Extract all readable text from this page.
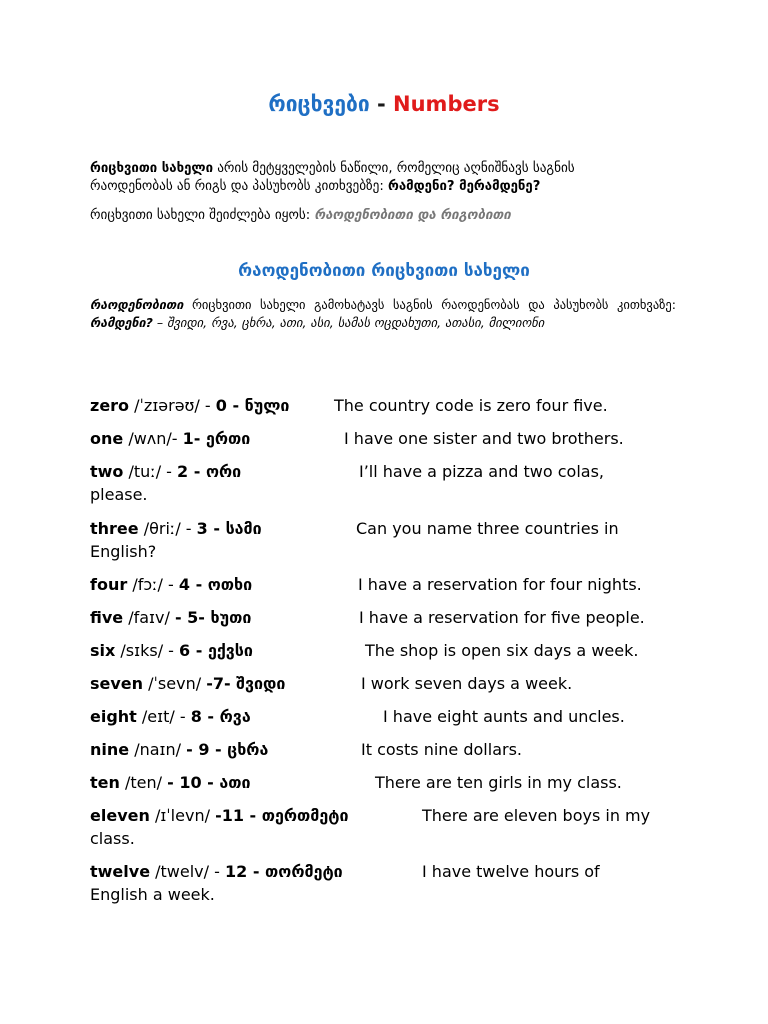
რიცხვები - Numbers
რიცხვითი სახელი არის მეტყველების ნაწილი, რომელიც აღნიშნავს საგნის რაოდენობას ან რიგს და პასუხობს კითხვებზე: რამდენი? მერამდენე?
რიცხვითი სახელი შეიძლება იყოს: რაოდენობითი და რიგობითი
რაოდენობითი რიცხვითი სახელი
რაოდენობითი რიცხვითი სახელი გამოხატავს საგნის რაოდენობას და პასუხობს კითხვაზე: რამდენი? – შვიდი, რვა, ცხრა, ათი, ასი, სამას ოცდახუთი, ათასი, მილიონი
zero /ˈzɪərəʊ/ - 0 - ნული	The country code is zero four five.
one /wʌn/- 1- ერთი	I have one sister and two brothers.
two /tuː/ - 2 - ორი	I’ll have a pizza and two colas,
please.
three /θriː/ - 3 - სამი	Can you name three countries in
English?
four /fɔː/ - 4 - ოთხი	I have a reservation for four nights.
five /faɪv/ - 5- ხუთი	I have a reservation for five people.
six /sɪks/ - 6 - ექვსი	The shop is open six days a week.
seven /ˈsevn/ -7- შვიდი	I work seven days a week.
eight /eɪt/ - 8 - რვა	I have eight aunts and uncles.
nine /naɪn/ - 9 - ცხრა	It costs nine dollars.
ten /ten/ - 10 - ათი	There are ten girls in my class.
eleven /ɪˈlevn/ -11 - თერთმეტი	There are eleven boys in my
class.
twelve /twelv/ - 12 - თორმეტი	I have twelve hours of
English a week.
